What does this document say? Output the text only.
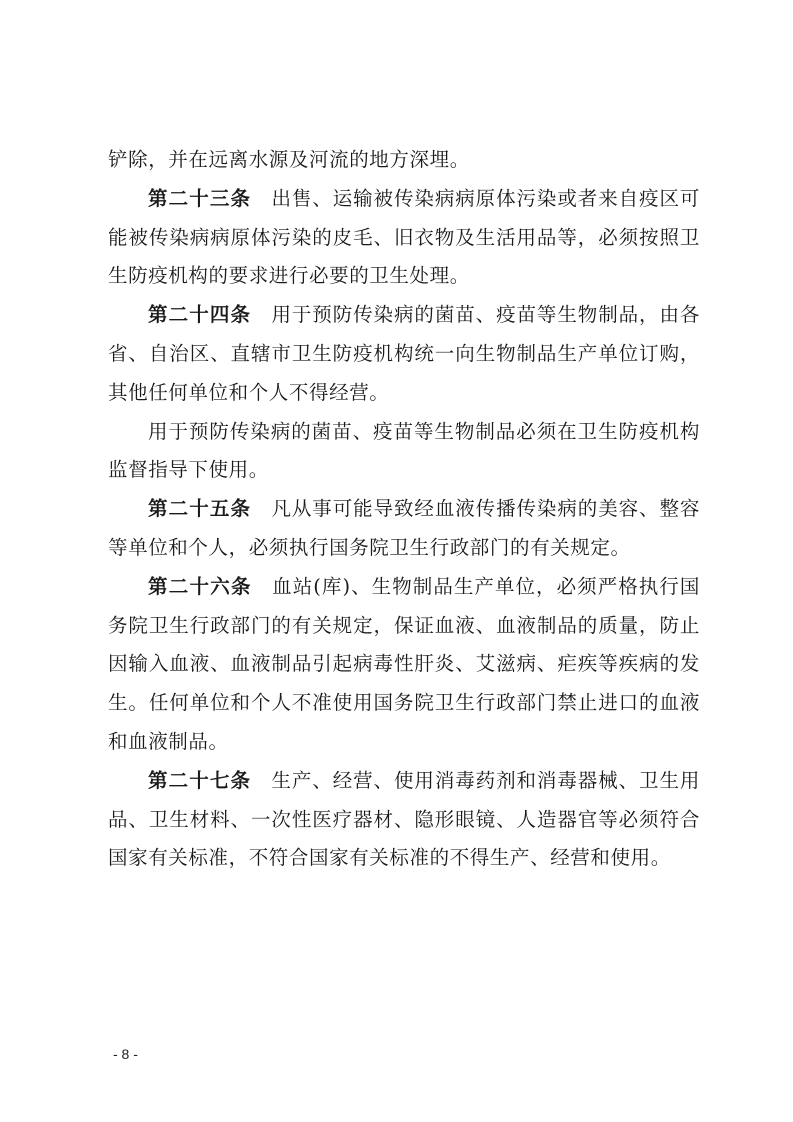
铲除，并在远离水源及河流的地方深埋。

第二十三条 出售、运输被传染病病原体污染或者来自疫区可能被传染病病原体污染的皮毛、旧衣物及生活用品等，必须按照卫生防疫机构的要求进行必要的卫生处理。

第二十四条 用于预防传染病的菌苗、疫苗等生物制品，由各省、自治区、直辖市卫生防疫机构统一向生物制品生产单位订购，其他任何单位和个人不得经营。

用于预防传染病的菌苗、疫苗等生物制品必须在卫生防疫机构监督指导下使用。

第二十五条 凡从事可能导致经血液传播传染病的美容、整容等单位和个人，必须执行国务院卫生行政部门的有关规定。

第二十六条 血站(库)、生物制品生产单位，必须严格执行国务院卫生行政部门的有关规定，保证血液、血液制品的质量，防止因输入血液、血液制品引起病毒性肝炎、艾滋病、疟疾等疾病的发生。任何单位和个人不准使用国务院卫生行政部门禁止进口的血液和血液制品。

第二十七条 生产、经营、使用消毒药剂和消毒器械、卫生用品、卫生材料、一次性医疗器材、隐形眼镜、人造器官等必须符合国家有关标准，不符合国家有关标准的不得生产、经营和使用。

- 8 -
